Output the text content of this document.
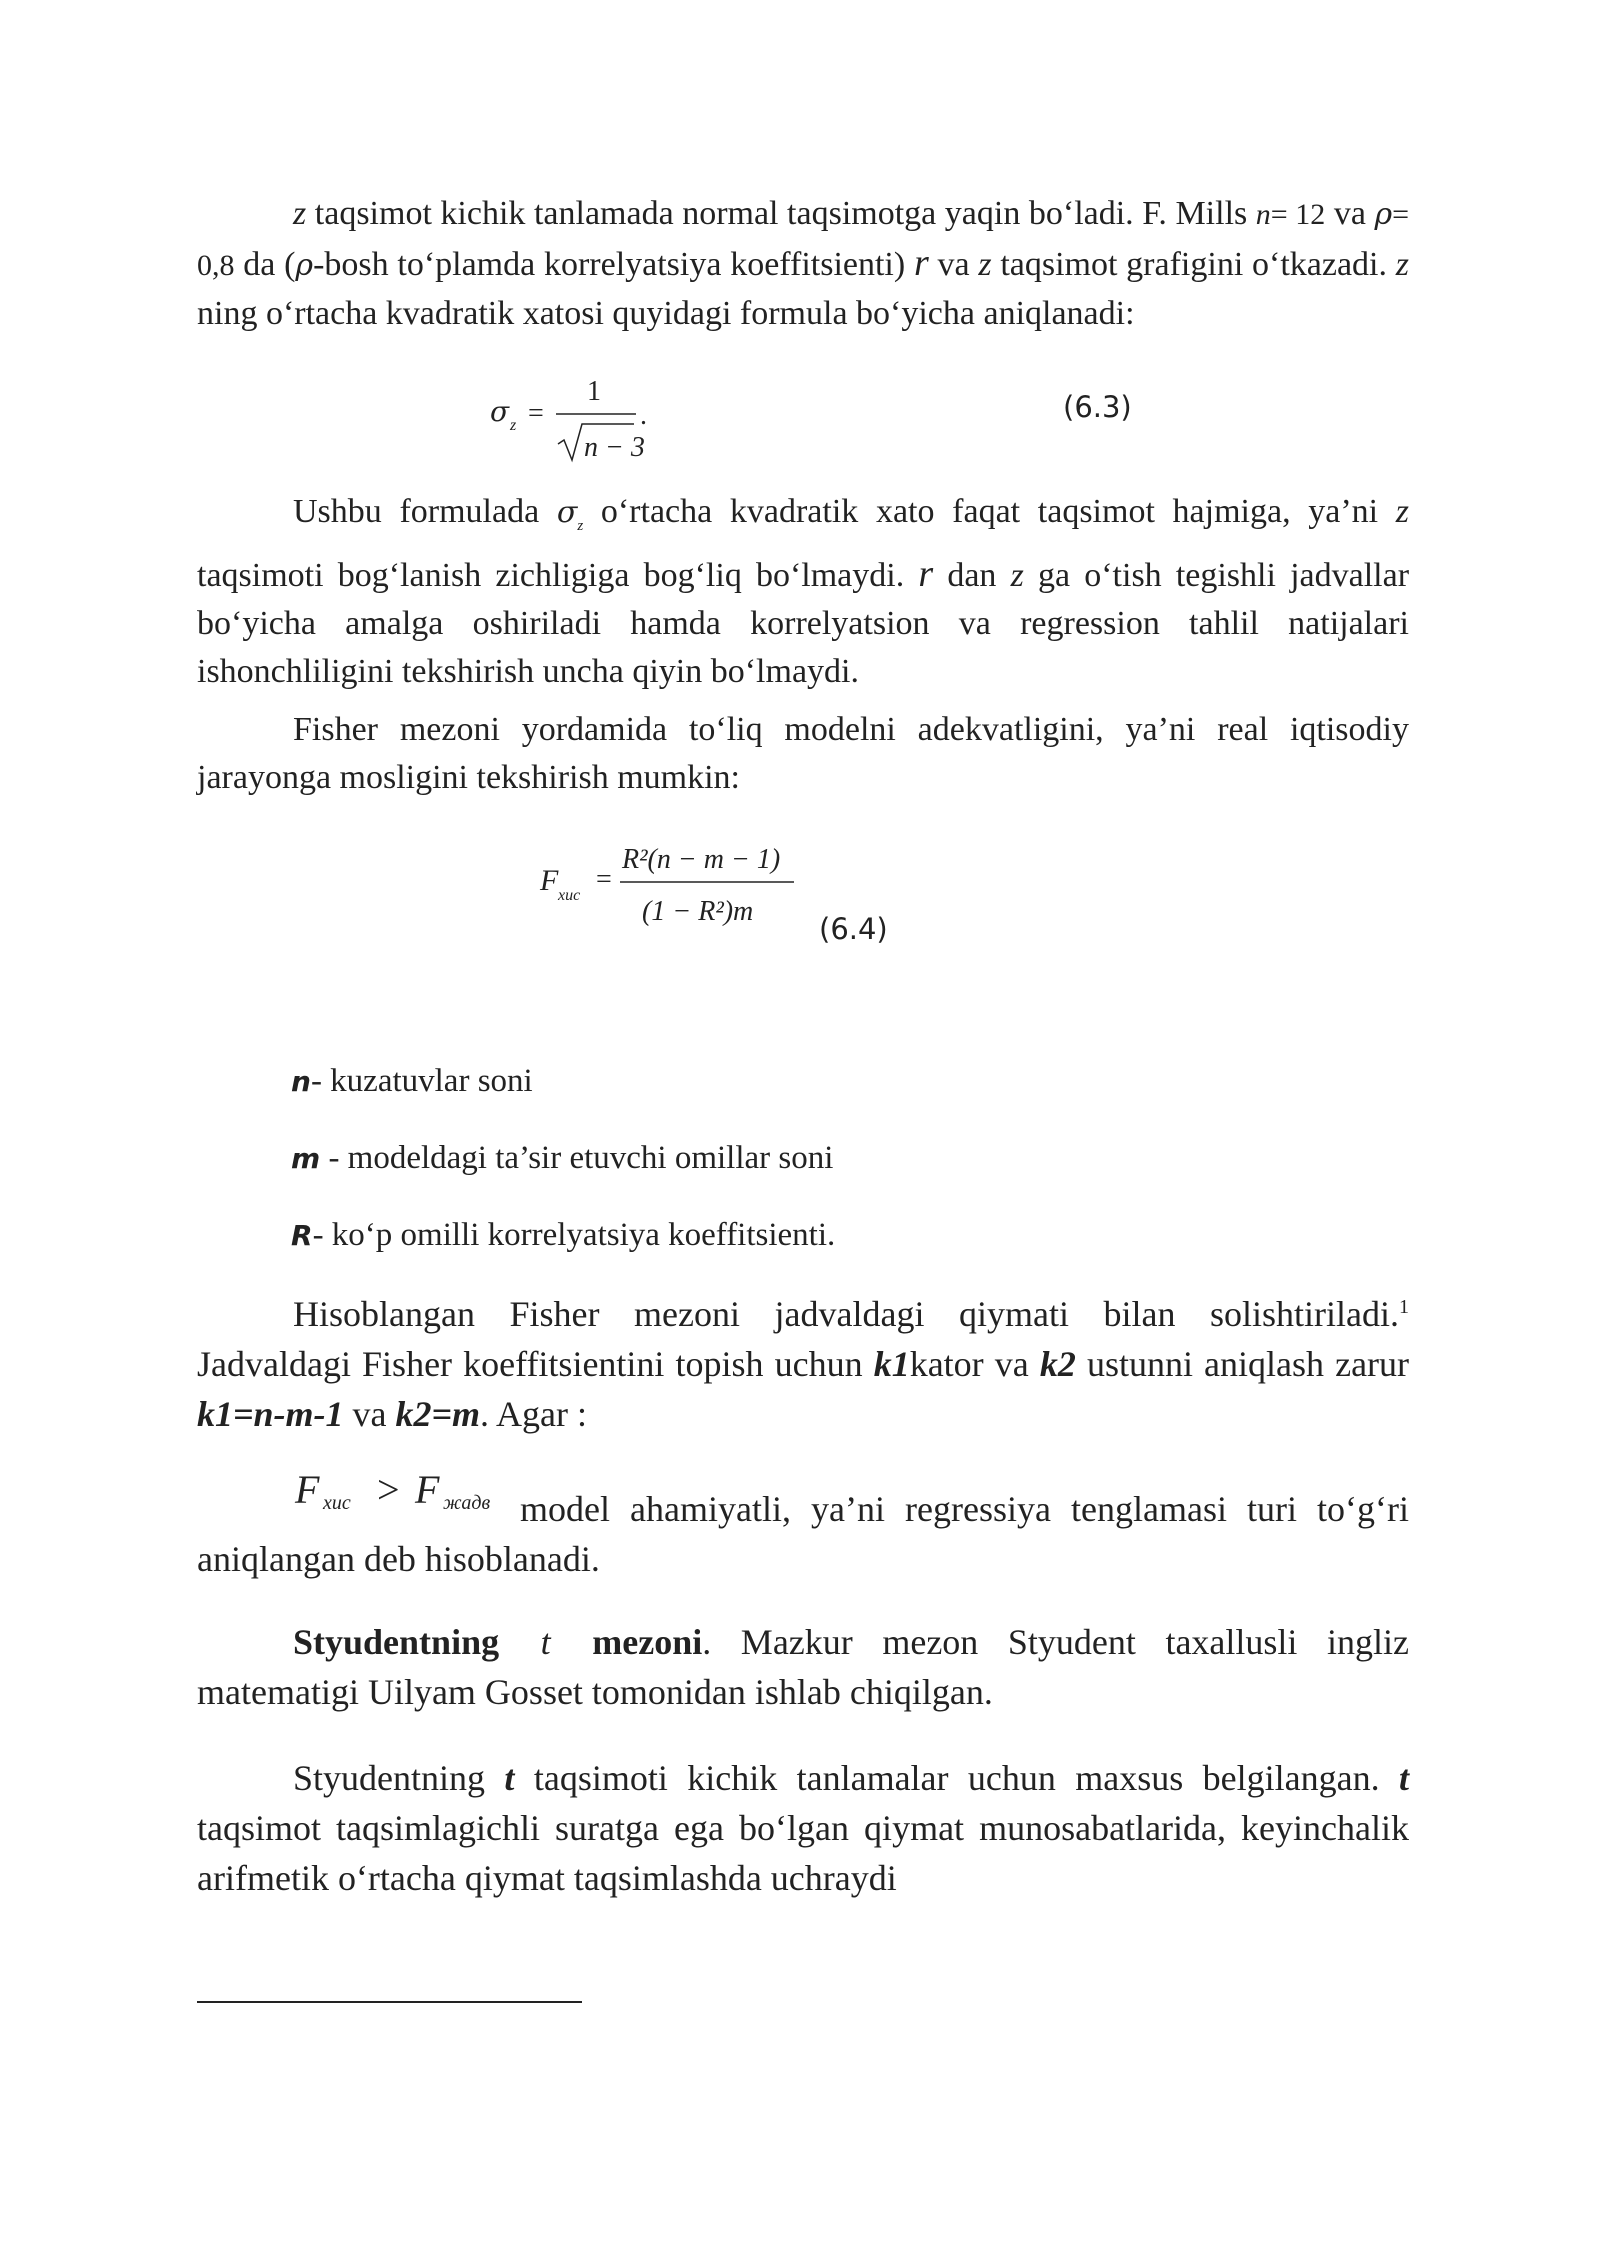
z taqsimot kichik tanlamada normal taqsimotga yaqin bo‘ladi. F. Mills n= 12 va ρ= 0,8 da (ρ-bosh to‘plamda korrelyatsiya koeffitsienti) r va z taqsimot grafigini o‘tkazadi. z ning o‘rtacha kvadratik xatosi quyidagi formula bo‘yicha aniqlanadi:

σ z =
1
n − 3
.	(6.3)

Ushbu formulada $\sigma_z$ o‘rtacha kvadratik xato faqat taqsimot hajmiga, ya’ni z taqsimoti bog‘lanish zichligiga bog‘liq bo‘lmaydi. r dan z ga o‘tish tegishli jadvallar bo‘yicha amalga oshiriladi hamda korrelyatsion va regression tahlil natijalari ishonchliligini tekshirish uncha qiyin bo‘lmaydi.

Fisher mezoni yordamida to‘liq modelni adekvatligini, ya’ni real iqtisodiy jarayonga mosligini tekshirish mumkin:

F хис
=
R²(n − m − 1)
(1 − R²)m
(6.4)
n- kuzatuvlar soni
m - modeldagi ta’sir etuvchi omillar soni
R- ko‘p omilli korrelyatsiya koeffitsienti.

Hisoblangan Fisher mezoni jadvaldagi qiymati bilan solishtiriladi.$^1$ Jadvaldagi Fisher koeffitsientini topish uchun k1kator va k2 ustunni aniqlash zarur k1=n-m-1 va k2=m. Agar :

F хис > F жадв model ahamiyatli, ya’ni regressiya tenglamasi turi to‘g‘ri aniqlangan deb hisoblanadi.

Styudentning t mezoni. Mazkur mezon Styudent taxallusli ingliz matematigi Uilyam Gosset tomonidan ishlab chiqilgan.

Styudentning t taqsimoti kichik tanlamalar uchun maxsus belgilangan. t taqsimot taqsimlagichli suratga ega bo‘lgan qiymat munosabatlarida, keyinchalik arifmetik o‘rtacha qiymat taqsimlashda uchraydi
